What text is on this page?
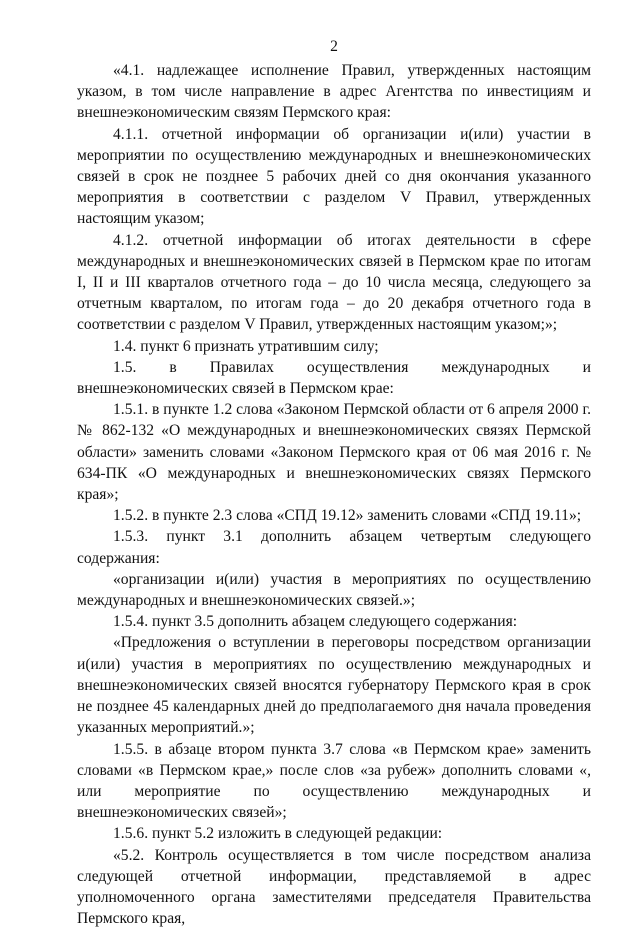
2

«4.1. надлежащее исполнение Правил, утвержденных настоящим указом, в том числе направление в адрес Агентства по инвестициям и внешнеэкономическим связям Пермского края:

4.1.1. отчетной информации об организации и(или) участии в мероприятии по осуществлению международных и внешнеэкономических связей в срок не позднее 5 рабочих дней со дня окончания указанного мероприятия в соответствии с разделом V Правил, утвержденных настоящим указом;

4.1.2. отчетной информации об итогах деятельности в сфере международных и внешнеэкономических связей в Пермском крае по итогам I, II и III кварталов отчетного года – до 10 числа месяца, следующего за отчетным кварталом, по итогам года – до 20 декабря отчетного года в соответствии с разделом V Правил, утвержденных настоящим указом;»;

1.4. пункт 6 признать утратившим силу;

1.5. в Правилах осуществления международных и внешнеэкономических связей в Пермском крае:

1.5.1. в пункте 1.2 слова «Законом Пермской области от 6 апреля 2000 г. № 862-132 «О международных и внешнеэкономических связях Пермской области» заменить словами «Законом Пермского края от 06 мая 2016 г. № 634-ПК «О международных и внешнеэкономических связях Пермского края»;

1.5.2. в пункте 2.3 слова «СПД 19.12» заменить словами «СПД 19.11»;

1.5.3. пункт 3.1 дополнить абзацем четвертым следующего содержания:

«организации и(или) участия в мероприятиях по осуществлению международных и внешнеэкономических связей.»;

1.5.4. пункт 3.5 дополнить абзацем следующего содержания:

«Предложения о вступлении в переговоры посредством организации и(или) участия в мероприятиях по осуществлению международных и внешнеэкономических связей вносятся губернатору Пермского края в срок не позднее 45 календарных дней до предполагаемого дня начала проведения указанных мероприятий.»;

1.5.5. в абзаце втором пункта 3.7 слова «в Пермском крае» заменить словами «в Пермском крае,» после слов «за рубеж» дополнить словами «, или мероприятие по осуществлению международных и внешнеэкономических связей»;

1.5.6. пункт 5.2 изложить в следующей редакции:

«5.2. Контроль осуществляется в том числе посредством анализа следующей отчетной информации, представляемой в адрес уполномоченного органа заместителями председателя Правительства Пермского края,
